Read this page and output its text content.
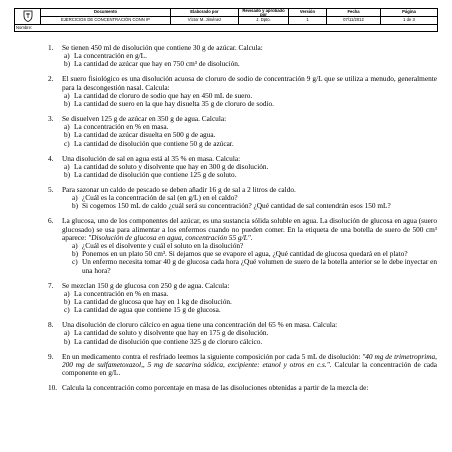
	Documento	Elaborado por	Revisado y aprobado por	Versión	Fecha	Página
	EJERCICIOS DE CONCENTRACIÓN CONN IP	Víctor M. Jiménez	J. Dpto.	1	07/11/2012	1 de 3
Nombre:						
1. Se tienen 450 ml de disolución que contiene 30 g de azúcar. Calcula:
a) La concentración en g/L.
b) La cantidad de azúcar que hay en 750 cm³ de disolución.
2. El suero fisiológico es una disolución acuosa de cloruro de sodio de concentración 9 g/L que se utiliza a menudo, generalmente para la descongestión nasal. Calcula:
a) La cantidad de cloruro de sodio que hay en 450 mL de suero.
b) La cantidad de suero en la que hay disuelta 35 g de cloruro de sodio.
3. Se disuelven 125 g de azúcar en 350 g de agua. Calcula:
a) La concentración en % en masa.
b) La cantidad de azúcar disuelta en 500 g de agua.
c) La cantidad de disolución que contiene 50 g de azúcar.
4. Una disolución de sal en agua está al 35 % en masa. Calcula:
a) La cantidad de soluto y disolvente que hay en 300 g de disolución.
b) La cantidad de disolución que contiene 125 g de soluto.
5. Para sazonar un caldo de pescado se deben añadir 16 g de sal a 2 litros de caldo.
a) ¿Cuál es la concentración de sal (en g/L) en el caldo?
b) Si cogemos 150 mL de caldo ¿cuál será su concentración? ¿Qué cantidad de sal contendrán esos 150 mL?
6. La glucosa, uno de los componentes del azúcar, es una sustancia sólida soluble en agua. La disolución de glucosa en agua (suero glucosado) se usa para alimentar a los enfermos cuando no pueden comer. En la etiqueta de una botella de suero de 500 cm³ aparece: "Disolución de glucosa en agua, concentración 55 g/L".
a) ¿Cuál es el disolvente y cuál el soluto en la disolución?
b) Ponemos en un plato 50 cm³. Si dejamos que se evapore el agua, ¿Qué cantidad de glucosa quedará en el plato?
c) Un enfermo necesita tomar 40 g de glucosa cada hora ¿Qué volumen de suero de la botella anterior se le debe inyectar en una hora?
7. Se mezclan 150 g de glucosa con 250 g de agua. Calcula:
a) La concentración en % en masa.
b) La cantidad de glucosa que hay en 1 kg de disolución.
c) La cantidad de agua que contiene 15 g de glucosa.
8. Una disolución de cloruro cálcico en agua tiene una concentración del 65 % en masa. Calcula:
a) La cantidad de soluto y disolvente que hay en 175 g de disolución.
b) La cantidad de disolución que contiene 325 g de cloruro cálcico.
9. En un medicamento contra el resfriado leemos la siguiente composición por cada 5 mL de disolución: "40 mg de trimetroprima, 200 mg de sulfametoxazol,, 5 mg de sacarina sódica, excipiente: etanol y otros en c.s.". Calcular la concentración de cada componente en g/L.
10. Calcula la concentración como porcentaje en masa de las disoluciones obtenidas a partir de la mezcla de:
